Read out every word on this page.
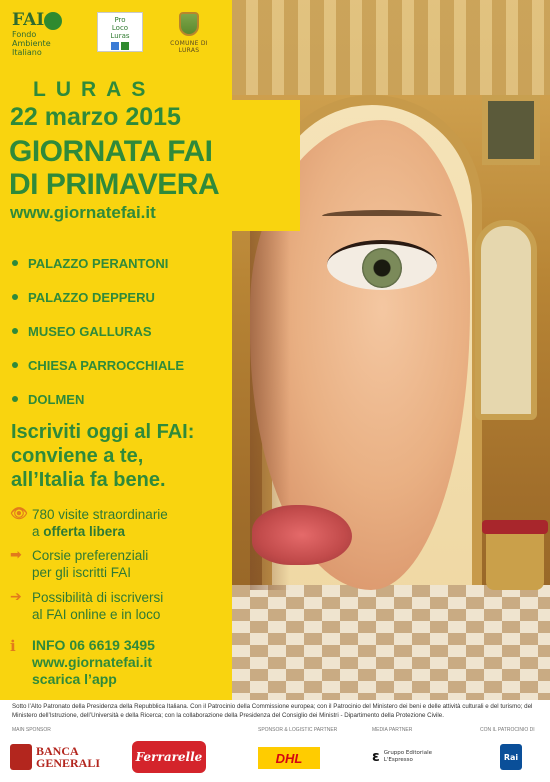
FAI
Fondo
Ambiente
Italiano
Pro
Loco
Luras
COMUNE DI LURAS
LURAS
22 marzo 2015
GIORNATA FAI
DI PRIMAVERA
www.giornatefai.it
PALAZZO PERANTONI
PALAZZO DEPPERU
MUSEO GALLURAS
CHIESA PARROCCHIALE
DOLMEN
Iscriviti oggi al FAI:
conviene a te,
all’Italia fa bene.
👁 780 visite straordinarie
a offerta libera
➡ Corsie preferenziali
per gli iscritti FAI
➔ Possibilità di iscriversi
al FAI online e in loco
ℹ	INFO 06 6619 3495
www.giornatefai.it
scarica l’app
Sotto l’Alto Patronato della Presidenza della Repubblica Italiana. Con il Patrocinio della Commissione europea; con il Patrocinio del Ministero dei beni e delle attività culturali e del turismo; del Ministero dell’Istruzione, dell’Università e della Ricerca; con la collaborazione della Presidenza del Consiglio dei Ministri - Dipartimento della Protezione Civile.
MAIN SPONSOR	SPONSOR & LOGISTIC PARTNER	MEDIA PARTNER	CON IL PATROCINIO DI
BANCA
GENERALI	Ferrarelle	DHL	ɛ Gruppo Editoriale
L'Espresso	Rai
